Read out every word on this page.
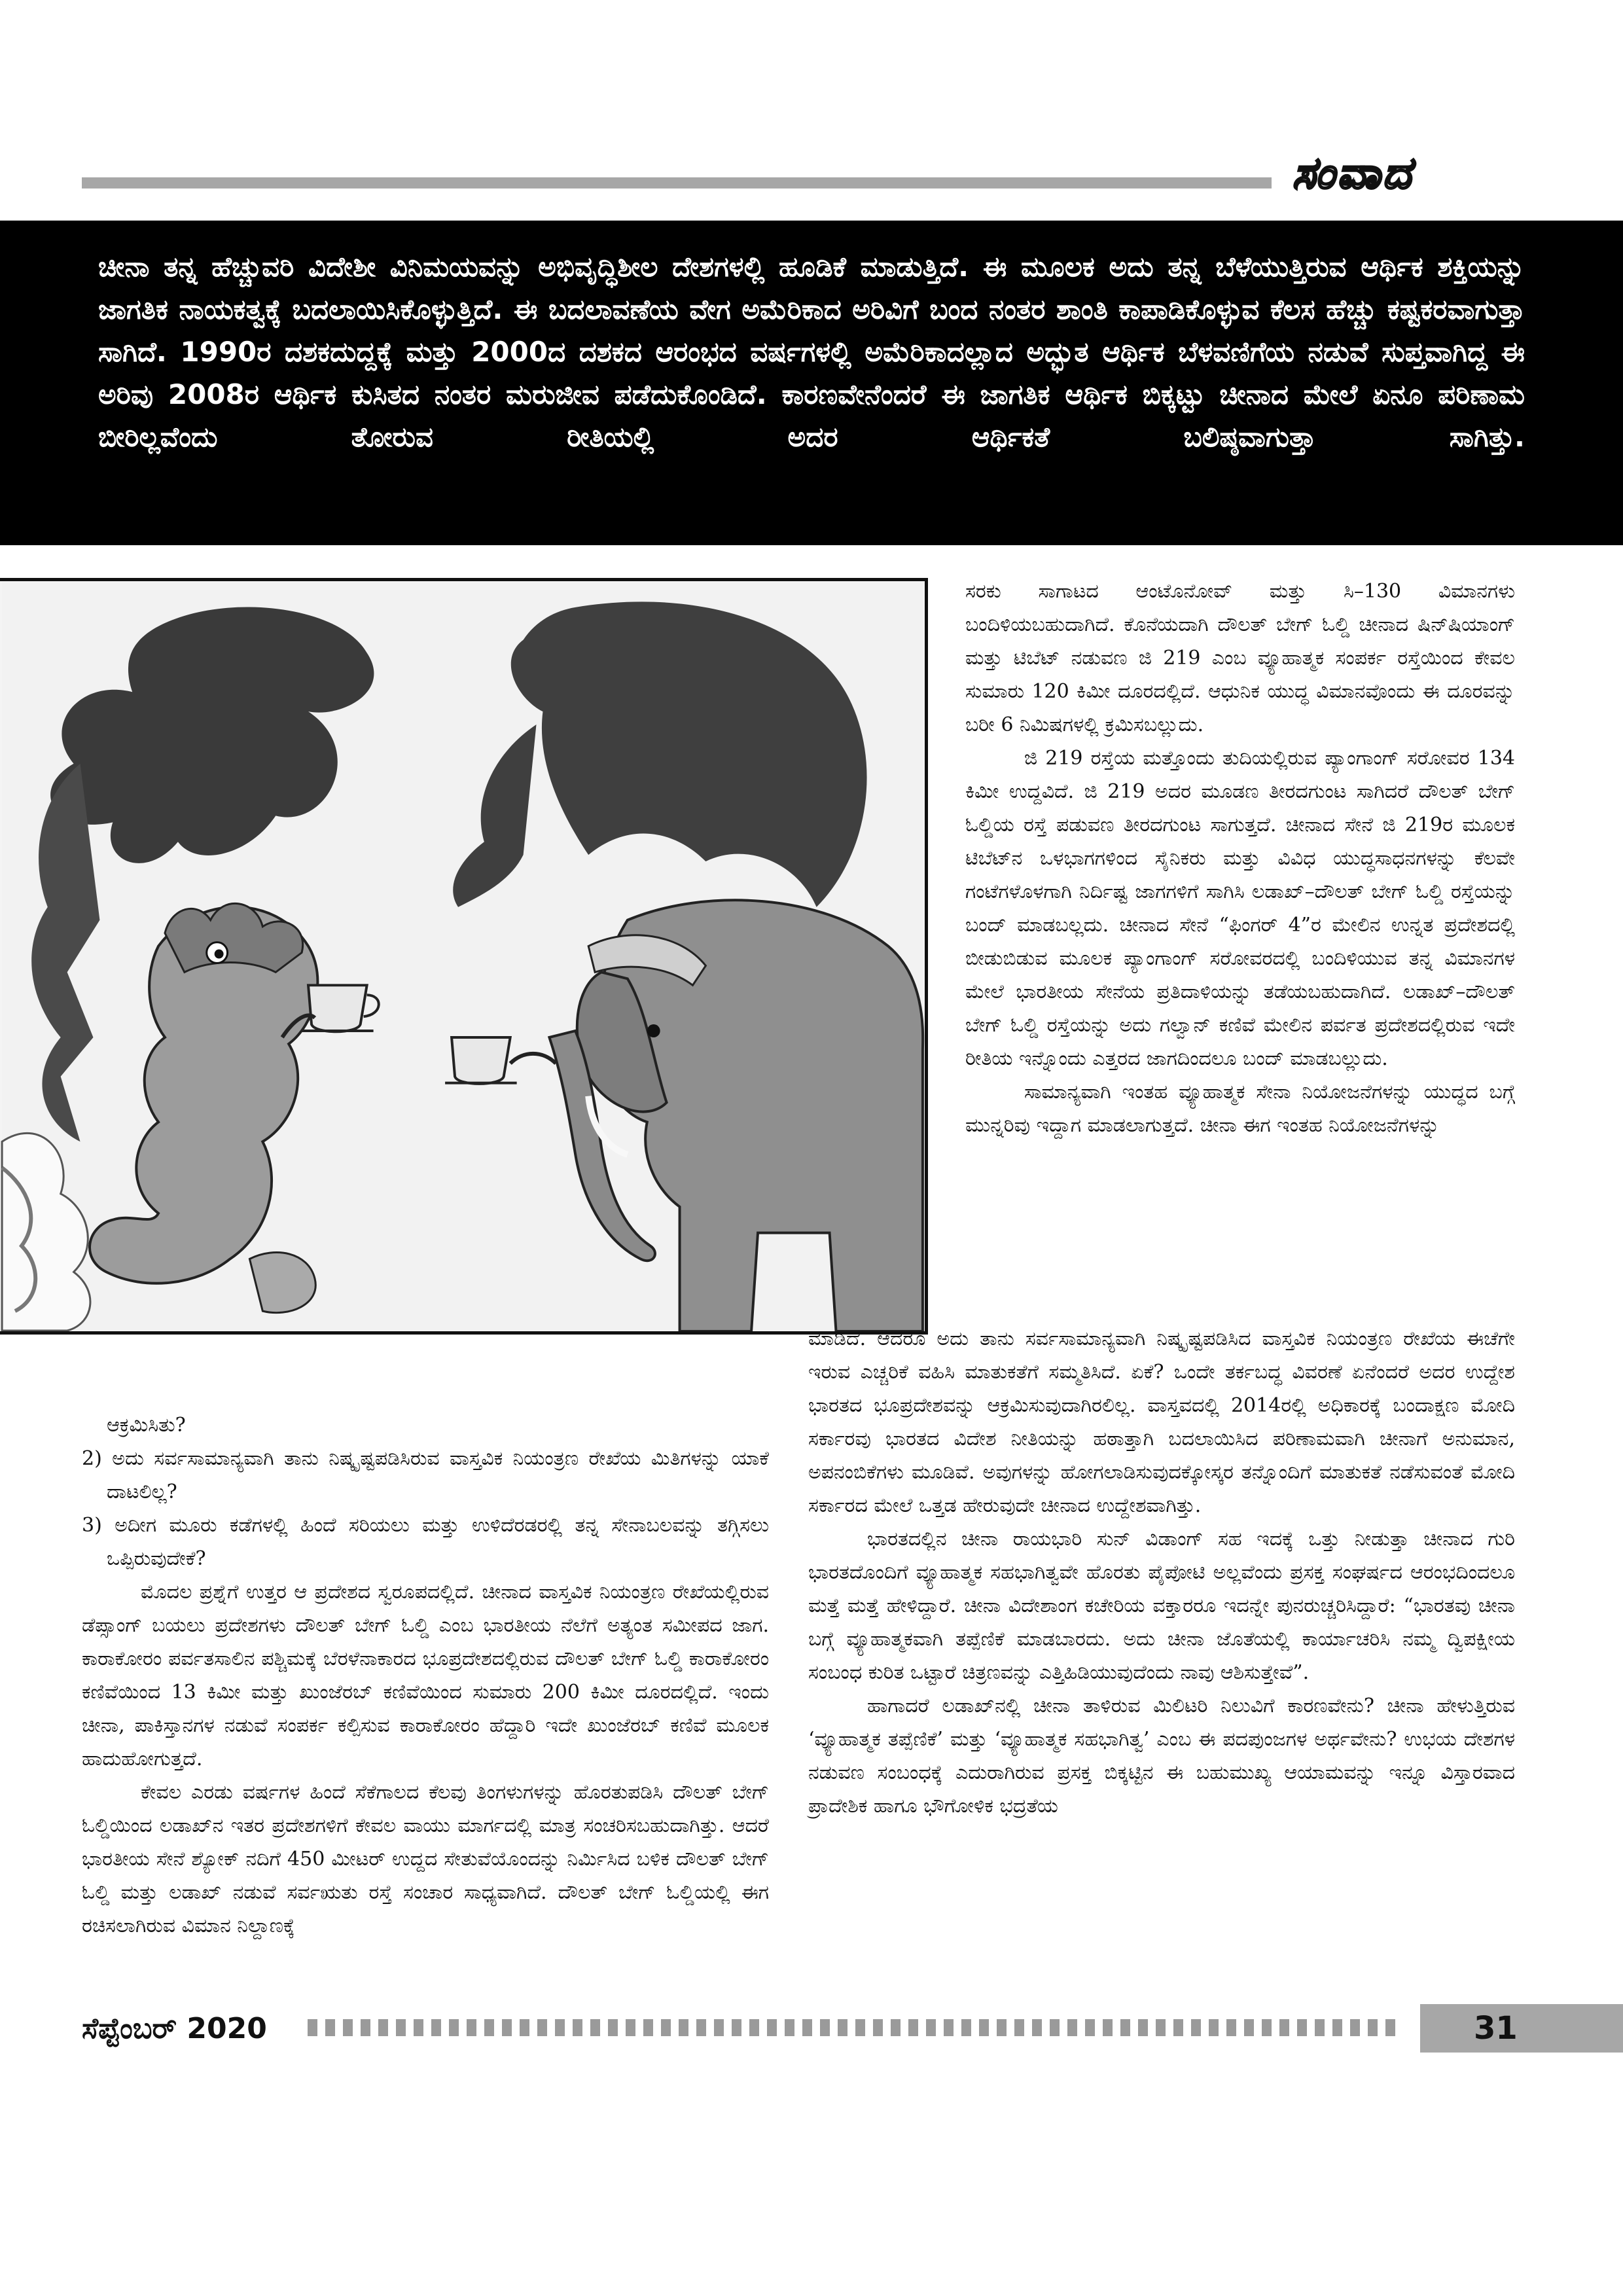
ಸಂವಾದ

ಚೀನಾ ತನ್ನ ಹೆಚ್ಚುವರಿ ವಿದೇಶೀ ವಿನಿಮಯವನ್ನು ಅಭಿವೃದ್ಧಿಶೀಲ ದೇಶಗಳಲ್ಲಿ ಹೂಡಿಕೆ ಮಾಡುತ್ತಿದೆ. ಈ ಮೂಲಕ ಅದು ತನ್ನ ಬೆಳೆಯುತ್ತಿರುವ ಆರ್ಥಿಕ ಶಕ್ತಿಯನ್ನು ಜಾಗತಿಕ ನಾಯಕತ್ವಕ್ಕೆ ಬದಲಾಯಿಸಿಕೊಳ್ಳುತ್ತಿದೆ. ಈ ಬದಲಾವಣೆಯ ವೇಗ ಅಮೆರಿಕಾದ ಅರಿವಿಗೆ ಬಂದ ನಂತರ ಶಾಂತಿ ಕಾಪಾಡಿಕೊಳ್ಳುವ ಕೆಲಸ ಹೆಚ್ಚು ಕಷ್ಟಕರವಾಗುತ್ತಾ ಸಾಗಿದೆ. 1990ರ ದಶಕದುದ್ದಕ್ಕೆ ಮತ್ತು 2000ದ ದಶಕದ ಆರಂಭದ ವರ್ಷಗಳಲ್ಲಿ ಅಮೆರಿಕಾದಲ್ಲಾದ ಅದ್ಭುತ ಆರ್ಥಿಕ ಬೆಳವಣಿಗೆಯ ನಡುವೆ ಸುಪ್ತವಾಗಿದ್ದ ಈ ಅರಿವು 2008ರ ಆರ್ಥಿಕ ಕುಸಿತದ ನಂತರ ಮರುಜೀವ ಪಡೆದುಕೊಂಡಿದೆ. ಕಾರಣವೇನೆಂದರೆ ಈ ಜಾಗತಿಕ ಆರ್ಥಿಕ ಬಿಕ್ಕಟ್ಟು ಚೀನಾದ ಮೇಲೆ ಏನೂ ಪರಿಣಾಮ ಬೀರಿಲ್ಲವೆಂದು ತೋರುವ ರೀತಿಯಲ್ಲಿ ಅದರ ಆರ್ಥಿಕತೆ ಬಲಿಷ್ಠವಾಗುತ್ತಾ ಸಾಗಿತ್ತು.

ಸರಕು ಸಾಗಾಟದ ಆಂಟೊನೋವ್ ಮತ್ತು ಸಿ–130 ವಿಮಾನಗಳು ಬಂದಿಳಿಯಬಹುದಾಗಿದೆ. ಕೊನೆಯದಾಗಿ ದೌಲತ್ ಬೇಗ್ ಓಲ್ಡಿ ಚೀನಾದ ಷಿನ್‌ಷಿಯಾಂಗ್ ಮತ್ತು ಟಿಬೆಟ್ ನಡುವಣ ಜಿ 219 ಎಂಬ ವ್ಯೂಹಾತ್ಮಕ ಸಂಪರ್ಕ ರಸ್ತೆಯಿಂದ ಕೇವಲ ಸುಮಾರು 120 ಕಿಮೀ ದೂರದಲ್ಲಿದೆ. ಆಧುನಿಕ ಯುದ್ಧ ವಿಮಾನವೊಂದು ಈ ದೂರವನ್ನು ಬರೀ 6 ನಿಮಿಷಗಳಲ್ಲಿ ಕ್ರಮಿಸಬಲ್ಲುದು.

ಜಿ 219 ರಸ್ತೆಯ ಮತ್ತೊಂದು ತುದಿಯಲ್ಲಿರುವ ಪ್ಯಾಂಗಾಂಗ್ ಸರೋವರ 134 ಕಿಮೀ ಉದ್ದವಿದೆ. ಜಿ 219 ಅದರ ಮೂಡಣ ತೀರದಗುಂಟ ಸಾಗಿದರೆ ದೌಲತ್ ಬೇಗ್ ಓಲ್ಡಿಯ ರಸ್ತೆ ಪಡುವಣ ತೀರದಗುಂಟ ಸಾಗುತ್ತದೆ. ಚೀನಾದ ಸೇನೆ ಜಿ 219ರ ಮೂಲಕ ಟಿಬೆಟ್‌ನ ಒಳಭಾಗಗಳಿಂದ ಸೈನಿಕರು ಮತ್ತು ವಿವಿಧ ಯುದ್ಧಸಾಧನಗಳನ್ನು ಕೆಲವೇ ಗಂಟೆಗಳೊಳಗಾಗಿ ನಿರ್ದಿಷ್ಟ ಜಾಗಗಳಿಗೆ ಸಾಗಿಸಿ ಲಡಾಖ್–ದೌಲತ್ ಬೇಗ್ ಓಲ್ಡಿ ರಸ್ತೆಯನ್ನು ಬಂದ್ ಮಾಡಬಲ್ಲದು. ಚೀನಾದ ಸೇನೆ “ಫಿಂಗರ್ 4”ರ ಮೇಲಿನ ಉನ್ನತ ಪ್ರದೇಶದಲ್ಲಿ ಬೀಡುಬಿಡುವ ಮೂಲಕ ಪ್ಯಾಂಗಾಂಗ್ ಸರೋವರದಲ್ಲಿ ಬಂದಿಳಿಯುವ ತನ್ನ ವಿಮಾನಗಳ ಮೇಲೆ ಭಾರತೀಯ ಸೇನೆಯ ಪ್ರತಿದಾಳಿಯನ್ನು ತಡೆಯಬಹುದಾಗಿದೆ. ಲಡಾಖ್–ದೌಲತ್ ಬೇಗ್ ಓಲ್ಡಿ ರಸ್ತೆಯನ್ನು ಅದು ಗಲ್ವಾನ್ ಕಣಿವೆ ಮೇಲಿನ ಪರ್ವತ ಪ್ರದೇಶದಲ್ಲಿರುವ ಇದೇ ರೀತಿಯ ಇನ್ನೊಂದು ಎತ್ತರದ ಜಾಗದಿಂದಲೂ ಬಂದ್ ಮಾಡಬಲ್ಲುದು.

ಸಾಮಾನ್ಯವಾಗಿ ಇಂತಹ ವ್ಯೂಹಾತ್ಮಕ ಸೇನಾ ನಿಯೋಜನೆಗಳನ್ನು ಯುದ್ಧದ ಬಗ್ಗೆ ಮುನ್ನರಿವು ಇದ್ದಾಗ ಮಾಡಲಾಗುತ್ತದೆ. ಚೀನಾ ಈಗ ಇಂತಹ ನಿಯೋಜನೆಗಳನ್ನು

ಮಾಡಿದೆ. ಆದರೂ ಅದು ತಾನು ಸರ್ವಸಾಮಾನ್ಯವಾಗಿ ನಿಷ್ಕೃಷ್ಟಪಡಿಸಿದ ವಾಸ್ತವಿಕ ನಿಯಂತ್ರಣ ರೇಖೆಯ ಈಚೆಗೇ ಇರುವ ಎಚ್ಚರಿಕೆ ವಹಿಸಿ ಮಾತುಕತೆಗೆ ಸಮ್ಮತಿಸಿದೆ. ಏಕೆ? ಒಂದೇ ತರ್ಕಬದ್ಧ ವಿವರಣೆ ಏನೆಂದರೆ ಅದರ ಉದ್ದೇಶ ಭಾರತದ ಭೂಪ್ರದೇಶವನ್ನು ಆಕ್ರಮಿಸುವುದಾಗಿರಲಿಲ್ಲ. ವಾಸ್ತವದಲ್ಲಿ 2014ರಲ್ಲಿ ಅಧಿಕಾರಕ್ಕೆ ಬಂದಾಕ್ಷಣ ಮೋದಿ ಸರ್ಕಾರವು ಭಾರತದ ವಿದೇಶ ನೀತಿಯನ್ನು ಹಠಾತ್ತಾಗಿ ಬದಲಾಯಿಸಿದ ಪರಿಣಾಮವಾಗಿ ಚೀನಾಗೆ ಅನುಮಾನ, ಅಪನಂಬಿಕೆಗಳು ಮೂಡಿವೆ. ಅವುಗಳನ್ನು ಹೋಗಲಾಡಿಸುವುದಕ್ಕೋಸ್ಕರ ತನ್ನೊಂದಿಗೆ ಮಾತುಕತೆ ನಡೆಸುವಂತೆ ಮೋದಿ ಸರ್ಕಾರದ ಮೇಲೆ ಒತ್ತಡ ಹೇರುವುದೇ ಚೀನಾದ ಉದ್ದೇಶವಾಗಿತ್ತು.

ಭಾರತದಲ್ಲಿನ ಚೀನಾ ರಾಯಭಾರಿ ಸುನ್ ವಿಡಾಂಗ್ ಸಹ ಇದಕ್ಕೆ ಒತ್ತು ನೀಡುತ್ತಾ ಚೀನಾದ ಗುರಿ ಭಾರತದೊಂದಿಗೆ ವ್ಯೂಹಾತ್ಮಕ ಸಹಭಾಗಿತ್ವವೇ ಹೊರತು ಪೈಪೋಟಿ ಅಲ್ಲವೆಂದು ಪ್ರಸಕ್ತ ಸಂಘರ್ಷದ ಆರಂಭದಿಂದಲೂ ಮತ್ತೆ ಮತ್ತೆ ಹೇಳಿದ್ದಾರೆ. ಚೀನಾ ವಿದೇಶಾಂಗ ಕಚೇರಿಯ ವಕ್ತಾರರೂ ಇದನ್ನೇ ಪುನರುಚ್ಚರಿಸಿದ್ದಾರೆ: “ಭಾರತವು ಚೀನಾ ಬಗ್ಗೆ ವ್ಯೂಹಾತ್ಮಕವಾಗಿ ತಪ್ಪೆಣಿಕೆ ಮಾಡಬಾರದು. ಅದು ಚೀನಾ ಜೊತೆಯಲ್ಲಿ ಕಾರ್ಯಾಚರಿಸಿ ನಮ್ಮ ದ್ವಿಪಕ್ಷೀಯ ಸಂಬಂಧ ಕುರಿತ ಒಟ್ಟಾರೆ ಚಿತ್ರಣವನ್ನು ಎತ್ತಿಹಿಡಿಯುವುದೆಂದು ನಾವು ಆಶಿಸುತ್ತೇವೆ”.

ಹಾಗಾದರೆ ಲಡಾಖ್‌ನಲ್ಲಿ ಚೀನಾ ತಾಳಿರುವ ಮಿಲಿಟರಿ ನಿಲುವಿಗೆ ಕಾರಣವೇನು? ಚೀನಾ ಹೇಳುತ್ತಿರುವ ‘ವ್ಯೂಹಾತ್ಮಕ ತಪ್ಪೆಣಿಕೆ’ ಮತ್ತು ‘ವ್ಯೂಹಾತ್ಮಕ ಸಹಭಾಗಿತ್ವ’ ಎಂಬ ಈ ಪದಪುಂಜಗಳ ಅರ್ಥವೇನು? ಉಭಯ ದೇಶಗಳ ನಡುವಣ ಸಂಬಂಧಕ್ಕೆ ಎದುರಾಗಿರುವ ಪ್ರಸಕ್ತ ಬಿಕ್ಕಟ್ಟಿನ ಈ ಬಹುಮುಖ್ಯ ಆಯಾಮವನ್ನು ಇನ್ನೂ ವಿಸ್ತಾರವಾದ ಪ್ರಾದೇಶಿಕ ಹಾಗೂ ಭೌಗೋಳಿಕ ಭದ್ರತೆಯ

ಆಕ್ರಮಿಸಿತು?

2) ಅದು ಸರ್ವಸಾಮಾನ್ಯವಾಗಿ ತಾನು ನಿಷ್ಕೃಷ್ಟಪಡಿಸಿರುವ ವಾಸ್ತವಿಕ ನಿಯಂತ್ರಣ ರೇಖೆಯ ಮಿತಿಗಳನ್ನು ಯಾಕೆ ದಾಟಲಿಲ್ಲ?

3) ಅದೀಗ ಮೂರು ಕಡೆಗಳಲ್ಲಿ ಹಿಂದೆ ಸರಿಯಲು ಮತ್ತು ಉಳಿದೆರಡರಲ್ಲಿ ತನ್ನ ಸೇನಾಬಲವನ್ನು ತಗ್ಗಿಸಲು ಒಪ್ಪಿರುವುದೇಕೆ?

ಮೊದಲ ಪ್ರಶ್ನೆಗೆ ಉತ್ತರ ಆ ಪ್ರದೇಶದ ಸ್ವರೂಪದಲ್ಲಿದೆ. ಚೀನಾದ ವಾಸ್ತವಿಕ ನಿಯಂತ್ರಣ ರೇಖೆಯಲ್ಲಿರುವ ಡೆಪ್ಸಾಂಗ್ ಬಯಲು ಪ್ರದೇಶಗಳು ದೌಲತ್ ಬೇಗ್ ಓಲ್ಡಿ ಎಂಬ ಭಾರತೀಯ ನೆಲೆಗೆ ಅತ್ಯಂತ ಸಮೀಪದ ಜಾಗ. ಕಾರಾಕೋರಂ ಪರ್ವತಸಾಲಿನ ಪಶ್ಚಿಮಕ್ಕೆ ಬೆರಳೆನಾಕಾರದ ಭೂಪ್ರದೇಶದಲ್ಲಿರುವ ದೌಲತ್ ಬೇಗ್ ಓಲ್ಡಿ ಕಾರಾಕೋರಂ ಕಣಿವೆಯಿಂದ 13 ಕಿಮೀ ಮತ್ತು ಖುಂಜೆರಬ್ ಕಣಿವೆಯಿಂದ ಸುಮಾರು 200 ಕಿಮೀ ದೂರದಲ್ಲಿದೆ. ಇಂದು ಚೀನಾ, ಪಾಕಿಸ್ತಾನಗಳ ನಡುವೆ ಸಂಪರ್ಕ ಕಲ್ಪಿಸುವ ಕಾರಾಕೋರಂ ಹೆದ್ದಾರಿ ಇದೇ ಖುಂಜೆರಬ್ ಕಣಿವೆ ಮೂಲಕ ಹಾದುಹೋಗುತ್ತದೆ.

ಕೇವಲ ಎರಡು ವರ್ಷಗಳ ಹಿಂದೆ ಸೆಕೆಗಾಲದ ಕೆಲವು ತಿಂಗಳುಗಳನ್ನು ಹೊರತುಪಡಿಸಿ ದೌಲತ್ ಬೇಗ್ ಓಲ್ಡಿಯಿಂದ ಲಡಾಖ್‌ನ ಇತರ ಪ್ರದೇಶಗಳಿಗೆ ಕೇವಲ ವಾಯು ಮಾರ್ಗದಲ್ಲಿ ಮಾತ್ರ ಸಂಚರಿಸಬಹುದಾಗಿತ್ತು. ಆದರೆ ಭಾರತೀಯ ಸೇನೆ ಶ್ಯೋಕ್ ನದಿಗೆ 450 ಮೀಟರ್ ಉದ್ದದ ಸೇತುವೆಯೊಂದನ್ನು ನಿರ್ಮಿಸಿದ ಬಳಿಕ ದೌಲತ್ ಬೇಗ್ ಓಲ್ಡಿ ಮತ್ತು ಲಡಾಖ್ ನಡುವೆ ಸರ್ವಋತು ರಸ್ತೆ ಸಂಚಾರ ಸಾಧ್ಯವಾಗಿದೆ. ದೌಲತ್ ಬೇಗ್ ಓಲ್ಡಿಯಲ್ಲಿ ಈಗ ರಚಿಸಲಾಗಿರುವ ವಿಮಾನ ನಿಲ್ದಾಣಕ್ಕೆ

ಸೆಪ್ಟೆಂಬರ್ 2020	31
